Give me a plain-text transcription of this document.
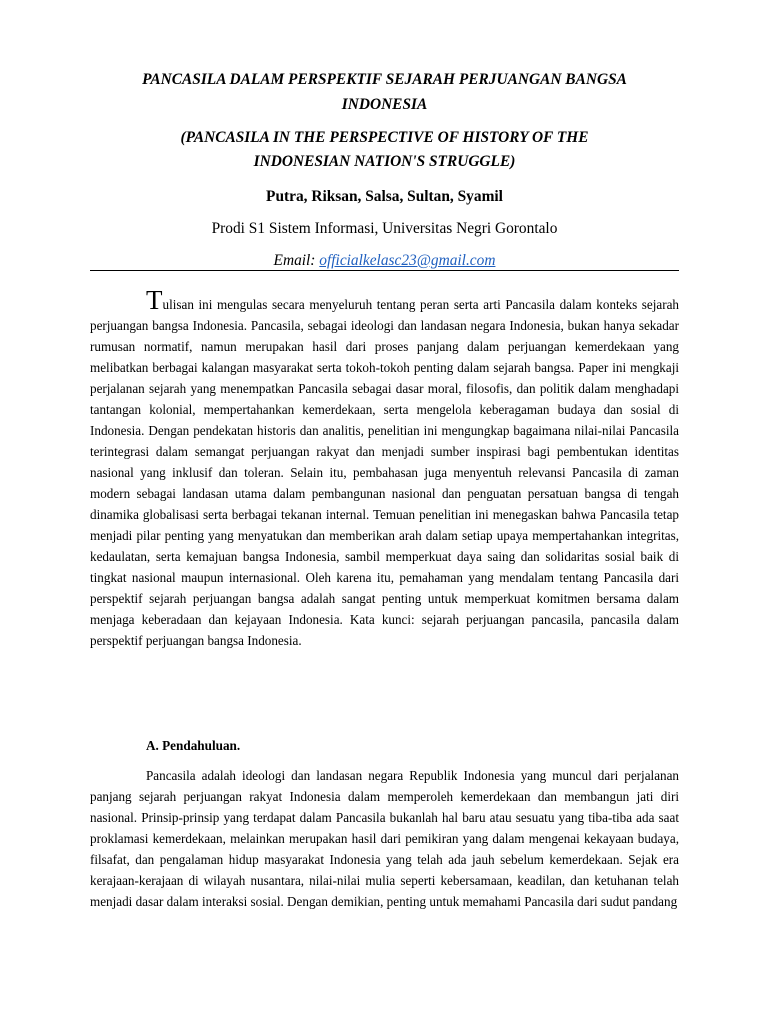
PANCASILA DALAM PERSPEKTIF SEJARAH PERJUANGAN BANGSA
INDONESIA
(PANCASILA IN THE PERSPECTIVE OF HISTORY OF THE
INDONESIAN NATION'S STRUGGLE)
Putra, Riksan, Salsa, Sultan, Syamil
Prodi S1 Sistem Informasi, Universitas Negri Gorontalo
Email: officialkelasc23@gmail.com

Tulisan ini mengulas secara menyeluruh tentang peran serta arti Pancasila dalam konteks sejarah perjuangan bangsa Indonesia. Pancasila, sebagai ideologi dan landasan negara Indonesia, bukan hanya sekadar rumusan normatif, namun merupakan hasil dari proses panjang dalam perjuangan kemerdekaan yang melibatkan berbagai kalangan masyarakat serta tokoh-tokoh penting dalam sejarah bangsa. Paper ini mengkaji perjalanan sejarah yang menempatkan Pancasila sebagai dasar moral, filosofis, dan politik dalam menghadapi tantangan kolonial, mempertahankan kemerdekaan, serta mengelola keberagaman budaya dan sosial di Indonesia. Dengan pendekatan historis dan analitis, penelitian ini mengungkap bagaimana nilai-nilai Pancasila terintegrasi dalam semangat perjuangan rakyat dan menjadi sumber inspirasi bagi pembentukan identitas nasional yang inklusif dan toleran. Selain itu, pembahasan juga menyentuh relevansi Pancasila di zaman modern sebagai landasan utama dalam pembangunan nasional dan penguatan persatuan bangsa di tengah dinamika globalisasi serta berbagai tekanan internal. Temuan penelitian ini menegaskan bahwa Pancasila tetap menjadi pilar penting yang menyatukan dan memberikan arah dalam setiap upaya mempertahankan integritas, kedaulatan, serta kemajuan bangsa Indonesia, sambil memperkuat daya saing dan solidaritas sosial baik di tingkat nasional maupun internasional. Oleh karena itu, pemahaman yang mendalam tentang Pancasila dari perspektif sejarah perjuangan bangsa adalah sangat penting untuk memperkuat komitmen bersama dalam menjaga keberadaan dan kejayaan Indonesia. Kata kunci: sejarah perjuangan pancasila, pancasila dalam perspektif perjuangan bangsa Indonesia.

A. Pendahuluan.

Pancasila adalah ideologi dan landasan negara Republik Indonesia yang muncul dari perjalanan panjang sejarah perjuangan rakyat Indonesia dalam memperoleh kemerdekaan dan membangun jati diri nasional. Prinsip-prinsip yang terdapat dalam Pancasila bukanlah hal baru atau sesuatu yang tiba-tiba ada saat proklamasi kemerdekaan, melainkan merupakan hasil dari pemikiran yang dalam mengenai kekayaan budaya, filsafat, dan pengalaman hidup masyarakat Indonesia yang telah ada jauh sebelum kemerdekaan. Sejak era kerajaan-kerajaan di wilayah nusantara, nilai-nilai mulia seperti kebersamaan, keadilan, dan ketuhanan telah menjadi dasar dalam interaksi sosial. Dengan demikian, penting untuk memahami Pancasila dari sudut pandang
